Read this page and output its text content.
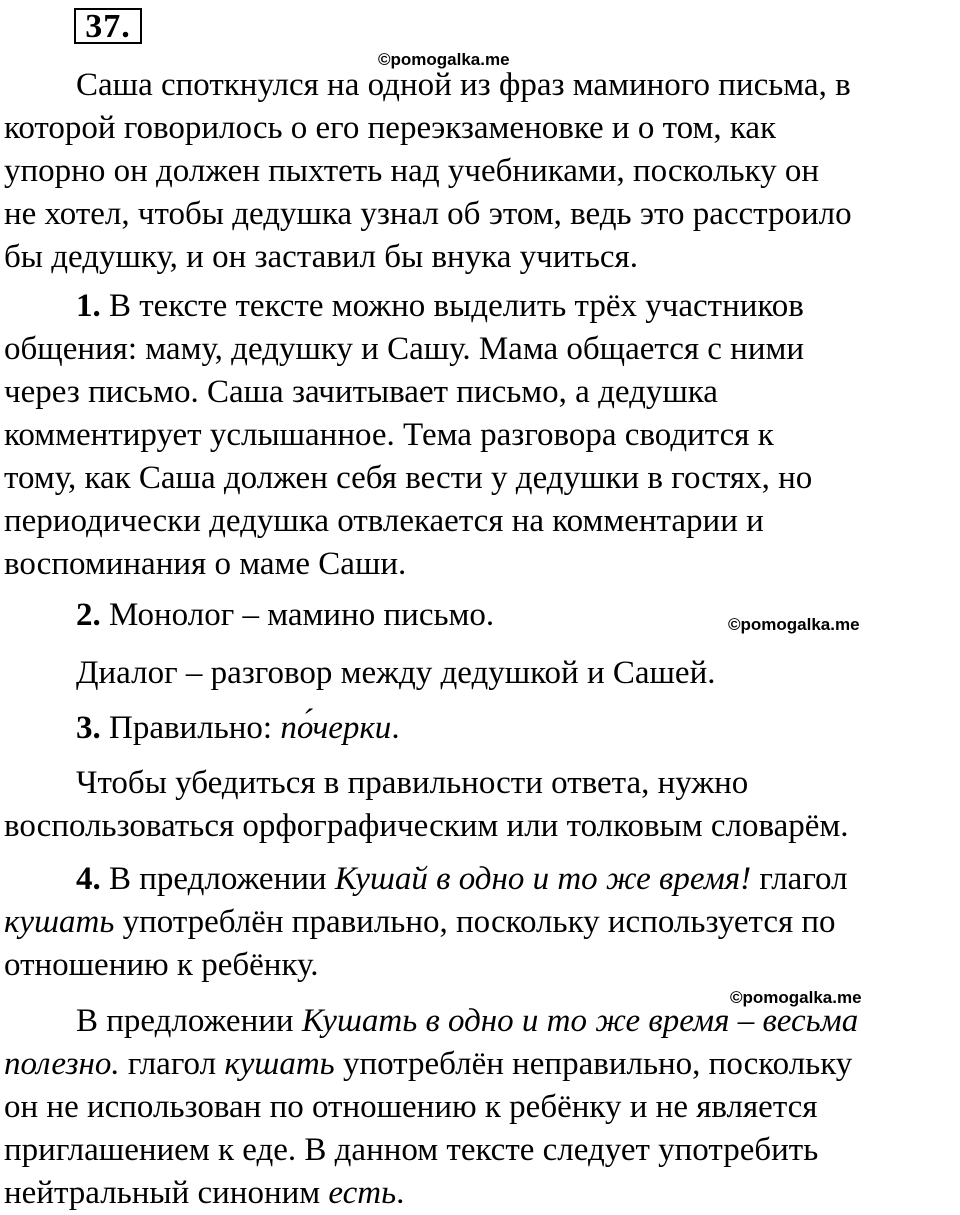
37.
©pomogalka.me
Саша споткнулся на одной из фраз маминого письма, в
которой говорилось о его переэкзаменовке и о том, как
упорно он должен пыхтеть над учебниками, поскольку он
не хотел, чтобы дедушка узнал об этом, ведь это расстроило
бы дедушку, и он заставил бы внука учиться.
1. В тексте тексте можно выделить трёх участников
общения: маму, дедушку и Сашу. Мама общается с ними
через письмо. Саша зачитывает письмо, а дедушка
комментирует услышанное. Тема разговора сводится к
тому, как Саша должен себя вести у дедушки в гостях, но
периодически дедушка отвлекается на комментарии и
воспоминания о маме Саши.
2. Монолог – мамино письмо.	©pomogalka.me
Диалог – разговор между дедушкой и Сашей.
3. Правильно: по́черки.
Чтобы убедиться в правильности ответа, нужно
воспользоваться орфографическим или толковым словарём.
4. В предложении Кушай в одно и то же время! глагол
кушать употреблён правильно, поскольку используется по
отношению к ребёнку.
©pomogalka.me
В предложении Кушать в одно и то же время – весьма
полезно. глагол кушать употреблён неправильно, поскольку
он не использован по отношению к ребёнку и не является
приглашением к еде. В данном тексте следует употребить
нейтральный синоним есть.
